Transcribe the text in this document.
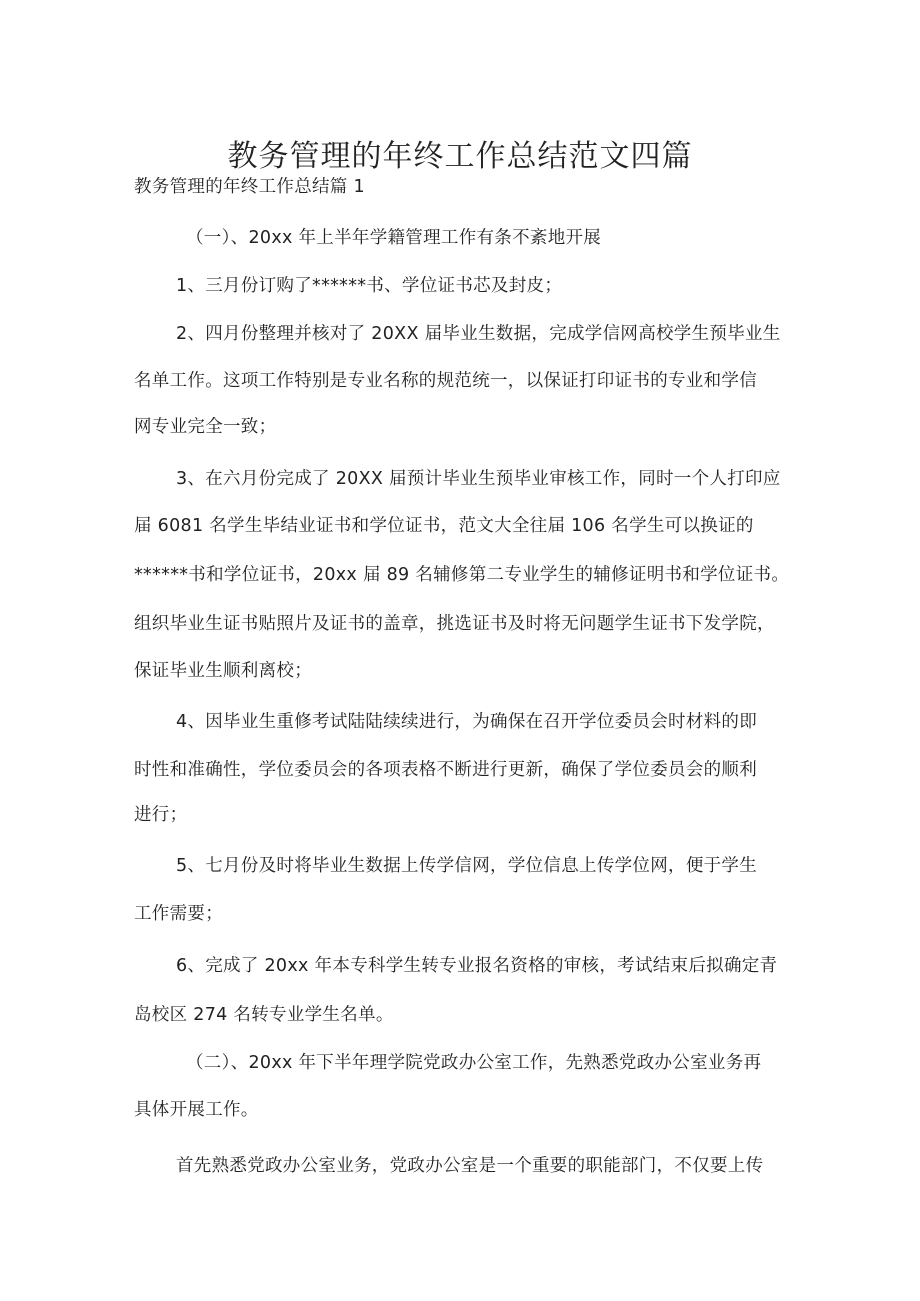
教务管理的年终工作总结范文四篇

教务管理的年终工作总结篇 1

（一）、20xx 年上半年学籍管理工作有条不紊地开展

1、三月份订购了******书、学位证书芯及封皮；

2、四月份整理并核对了 20XX 届毕业生数据，完成学信网高校学生预毕业生

名单工作。这项工作特别是专业名称的规范统一，以保证打印证书的专业和学信

网专业完全一致；

3、在六月份完成了 20XX 届预计毕业生预毕业审核工作，同时一个人打印应

届 6081 名学生毕结业证书和学位证书，范文大全往届 106 名学生可以换证的

******书和学位证书，20xx 届 89 名辅修第二专业学生的辅修证明书和学位证书。

组织毕业生证书贴照片及证书的盖章，挑选证书及时将无问题学生证书下发学院，

保证毕业生顺利离校；

4、因毕业生重修考试陆陆续续进行，为确保在召开学位委员会时材料的即

时性和准确性，学位委员会的各项表格不断进行更新，确保了学位委员会的顺利

进行；

5、七月份及时将毕业生数据上传学信网，学位信息上传学位网，便于学生

工作需要；

6、完成了 20xx 年本专科学生转专业报名资格的审核，考试结束后拟确定青

岛校区 274 名转专业学生名单。

（二）、20xx 年下半年理学院党政办公室工作，先熟悉党政办公室业务再

具体开展工作。

首先熟悉党政办公室业务，党政办公室是一个重要的职能部门，不仅要上传
